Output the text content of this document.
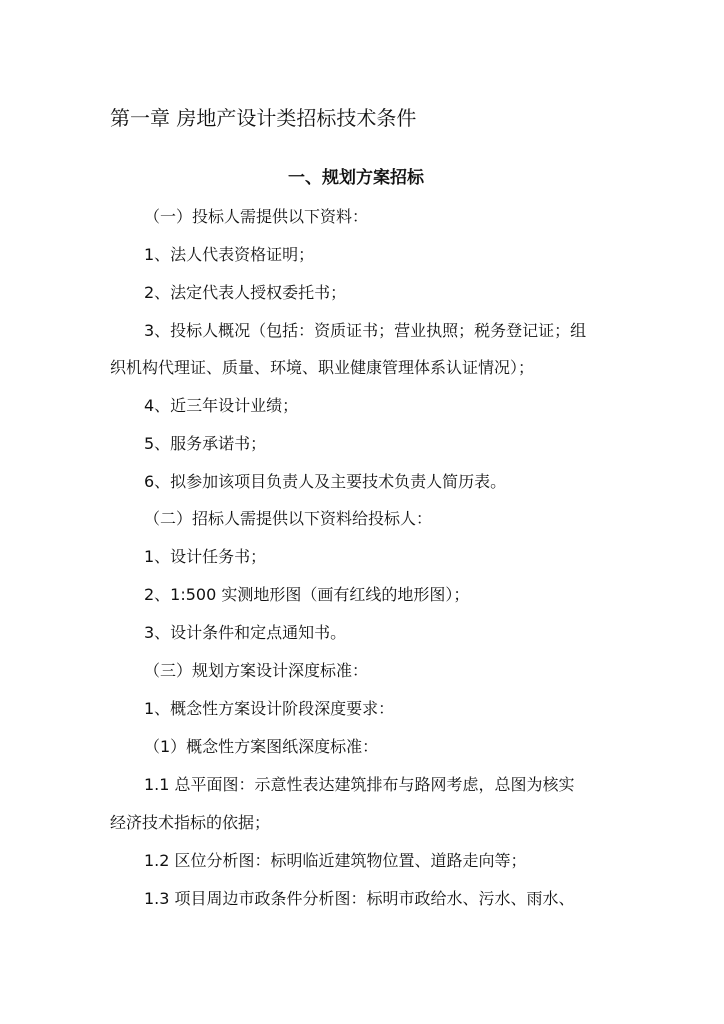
第一章 房地产设计类招标技术条件
一、规划方案招标
（一）投标人需提供以下资料：
1、法人代表资格证明；
2、法定代表人授权委托书；
3、投标人概况（包括：资质证书；营业执照；税务登记证；组
织机构代理证、质量、环境、职业健康管理体系认证情况）；
4、近三年设计业绩；
5、服务承诺书；
6、拟参加该项目负责人及主要技术负责人简历表。
（二）招标人需提供以下资料给投标人：
1、设计任务书；
2、1:500 实测地形图（画有红线的地形图）；
3、设计条件和定点通知书。
（三）规划方案设计深度标准：
1、概念性方案设计阶段深度要求：
（1）概念性方案图纸深度标准：
1.1 总平面图：示意性表达建筑排布与路网考虑，总图为核实
经济技术指标的依据；
1.2 区位分析图：标明临近建筑物位置、道路走向等；
1.3 项目周边市政条件分析图：标明市政给水、污水、雨水、
